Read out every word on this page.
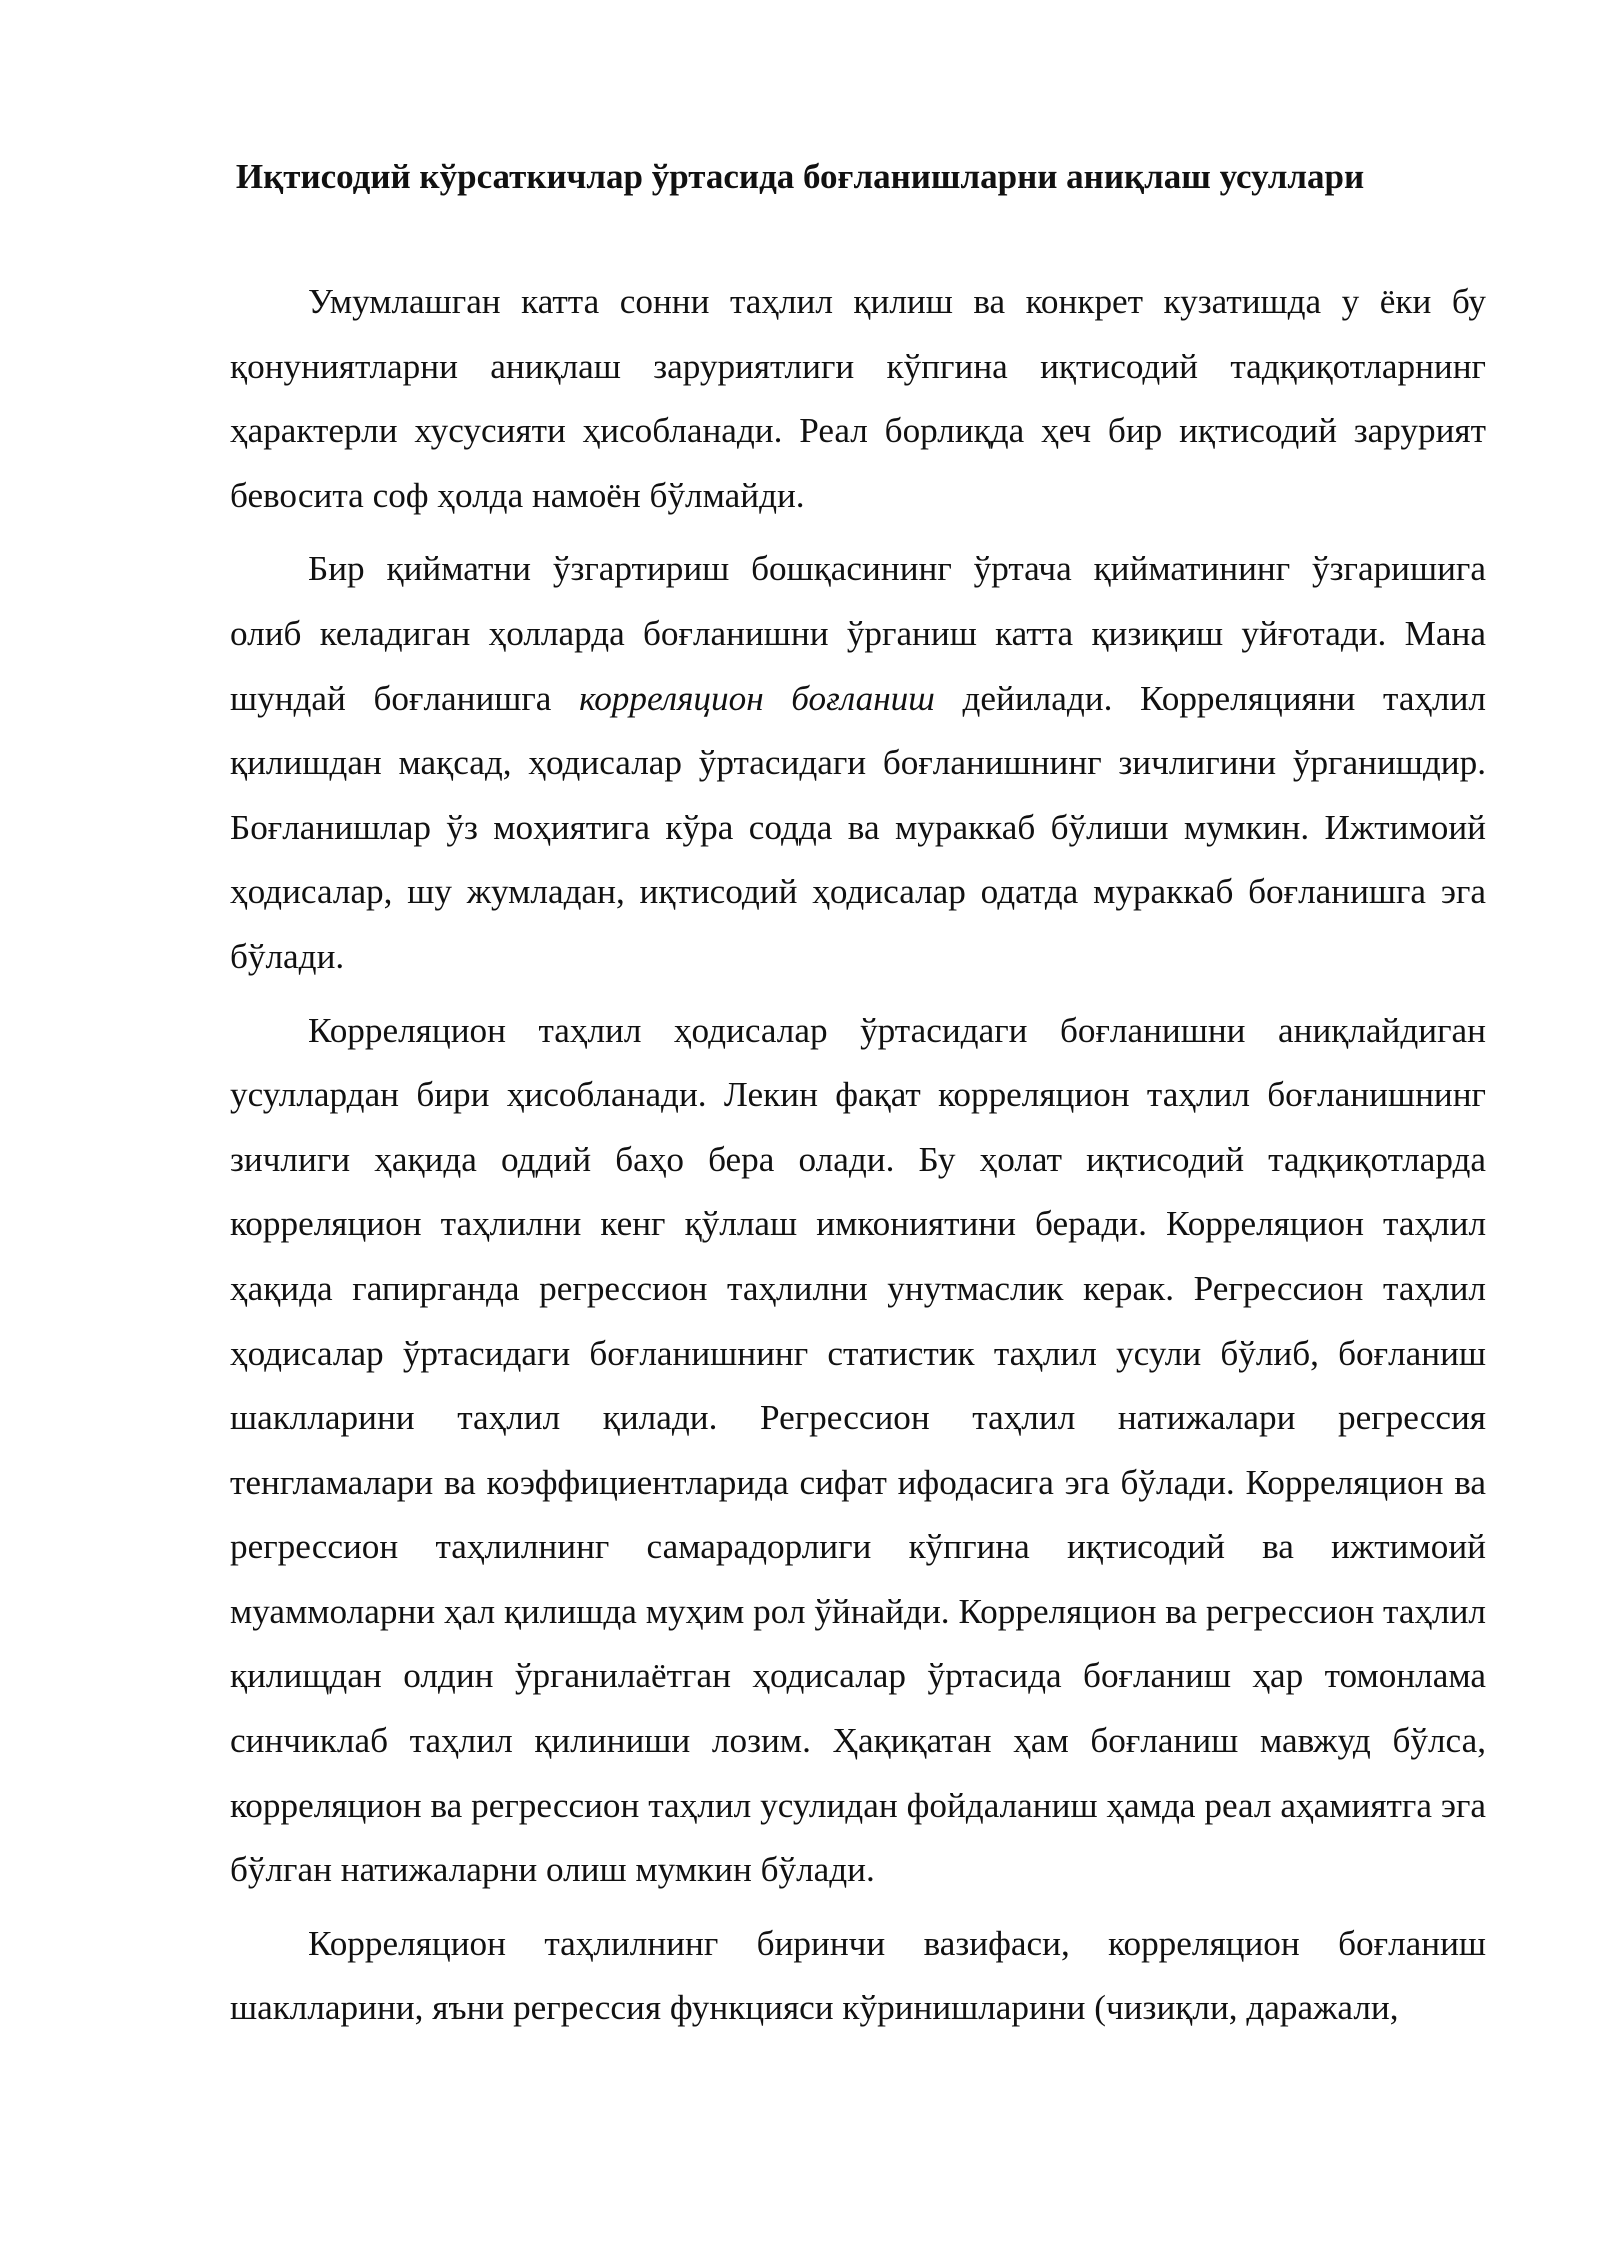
Иқтисодий кўрсаткичлар ўртасида боғланишларни аниқлаш усуллари

Умумлашган катта сонни таҳлил қилиш ва конкрет кузатишда у ёки бу қонуниятларни аниқлаш заруриятлиги кўпгина иқтисодий тадқиқотларнинг ҳарактерли хусусияти ҳисобланади. Реал борлиқда ҳеч бир иқтисодий зарурият бевосита соф ҳолда намоён бўлмайди.

Бир қийматни ўзгартириш бошқасининг ўртача қийматининг ўзгаришига олиб келадиган ҳолларда боғланишни ўрганиш катта қизиқиш уйғотади. Мана шундай боғланишга корреляцион боғланиш дейилади. Корреляцияни таҳлил қилишдан мақсад, ҳодисалар ўртасидаги боғланишнинг зичлигини ўрганишдир. Боғланишлар ўз моҳиятига кўра содда ва мураккаб бўлиши мумкин. Ижтимоий ҳодисалар, шу жумладан, иқтисодий ҳодисалар одатда мураккаб боғланишга эга бўлади.

Корреляцион таҳлил ҳодисалар ўртасидаги боғланишни аниқлайдиган усуллардан бири ҳисобланади. Лекин фақат корреляцион таҳлил боғланишнинг зичлиги ҳақида оддий баҳо бера олади. Бу ҳолат иқтисодий тадқиқотларда корреляцион таҳлилни кенг қўллаш имкониятини беради. Корреляцион таҳлил ҳақида гапирганда регрессион таҳлилни унутмаслик керак. Регрессион таҳлил ҳодисалар ўртасидаги боғланишнинг статистик таҳлил усули бўлиб, боғланиш шаклларини таҳлил қилади. Регрессион таҳлил натижалари регрессия тенгламалари ва коэффициентларида сифат ифодасига эга бўлади. Корреляцион ва регрессион таҳлилнинг самарадорлиги кўпгина иқтисодий ва ижтимоий муаммоларни ҳал қилишда муҳим рол ўйнайди. Корреляцион ва регрессион таҳлил қилищдан олдин ўрганилаётган ҳодисалар ўртасида боғланиш ҳар томонлама синчиклаб таҳлил қилиниши лозим. Ҳақиқатан ҳам боғланиш мавжуд бўлса, корреляцион ва регрессион таҳлил усулидан фойдаланиш ҳамда реал аҳамиятга эга бўлган натижаларни олиш мумкин бўлади.

Корреляцион таҳлилнинг биринчи вазифаси, корреляцион боғланиш шаклларини, яъни регрессия функцияси кўринишларини (чизиқли, даражали,
